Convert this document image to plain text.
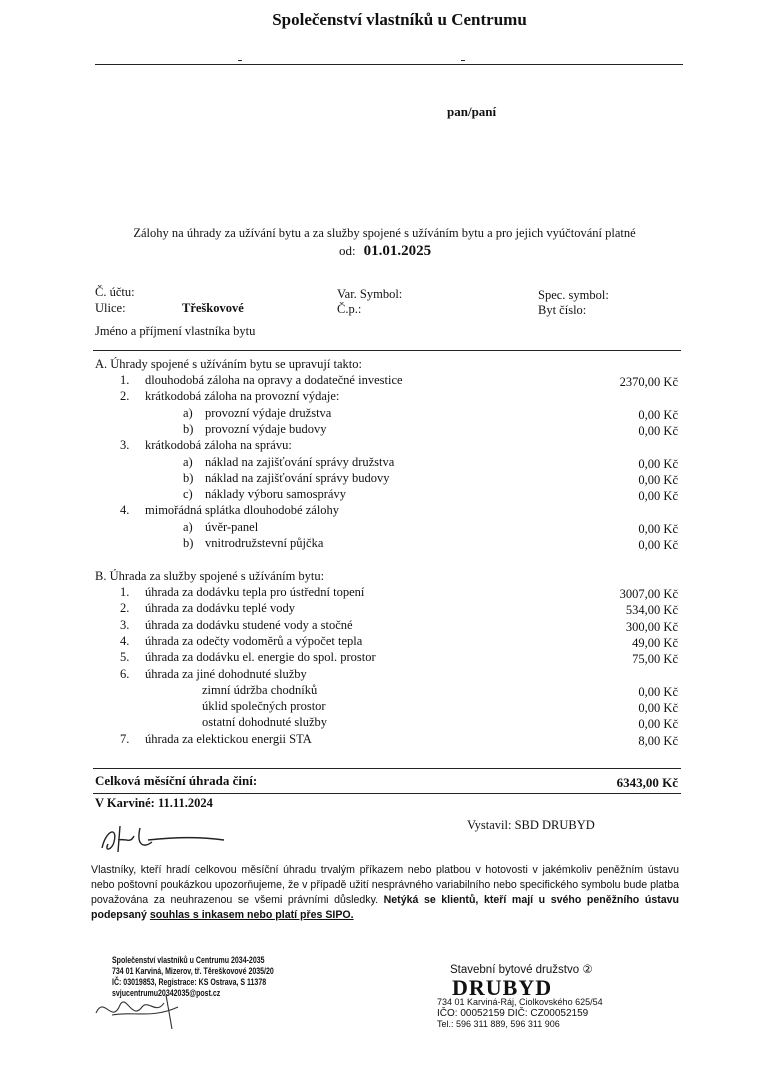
Společenství vlastníků u Centrumu
pan/paní
Zálohy na úhrady za užívání bytu a za služby spojené s užíváním bytu a pro jejich vyúčtování platné
od: 01.01.2025
Č. účtu:
Ulice:	Třeškovové
Var. Symbol:
Č.p.:
Spec. symbol:
Byt číslo:
Jméno a příjmení vlastníka bytu
A. Úhrady spojené s užíváním bytu se upravují takto:
1. dlouhodobá záloha na opravy a dodatečné investice	2370,00 Kč
2. krátkodobá záloha na provozní výdaje:
a) provozní výdaje družstva	0,00 Kč
b) provozní výdaje budovy	0,00 Kč
3. krátkodobá záloha na správu:
a) náklad na zajišťování správy družstva	0,00 Kč
b) náklad na zajišťování správy budovy	0,00 Kč
c) náklady výboru samosprávy	0,00 Kč
4. mimořádná splátka dlouhodobé zálohy
a) úvěr-panel	0,00 Kč
b) vnitrodružstevní půjčka	0,00 Kč
B. Úhrada za služby spojené s užíváním bytu:
1. úhrada za dodávku tepla pro ústřední topení	3007,00 Kč
2. úhrada za dodávku teplé vody	534,00 Kč
3. úhrada za dodávku studené vody a stočné	300,00 Kč
4. úhrada za odečty vodoměrů a výpočet tepla	49,00 Kč
5. úhrada za dodávku el. energie do spol. prostor	75,00 Kč
6. úhrada za jiné dohodnuté služby
zimní údržba chodníků	0,00 Kč
úklid společných prostor	0,00 Kč
ostatní dohodnuté služby	0,00 Kč
7. úhrada za elektickou energii STA	8,00 Kč
Celková měsíční úhrada činí:	6343,00 Kč
V Karviné: 11.11.2024
Vystavil: SBD DRUBYD
Vlastníky, kteří hradí celkovou měsíční úhradu trvalým příkazem nebo platbou v hotovosti v jakémkoliv peněžním ústavu nebo poštovní poukázkou upozorňujeme, že v případě užití nesprávného variabilního nebo specifického symbolu bude platba považována za neuhrazenou se všemi právními důsledky. Netýká se klientů, kteří mají u svého peněžního ústavu podepsaný souhlas s inkasem nebo platí přes SIPO.
Společenství vlastníků u Centrumu 2034-2035
734 01 Karviná, Mizerov, tř. Těreškovové 2035/20
IČ: 03019853, Registrace: KS Ostrava, S 11378
svjucentrumu20342035@post.cz
Stavební bytové družstvo ②
DRUBYD
734 01 Karviná-Ráj, Ciolkovského 625/54
IČO: 00052159 DIČ: CZ00052159
Tel.: 596 311 889, 596 311 906
